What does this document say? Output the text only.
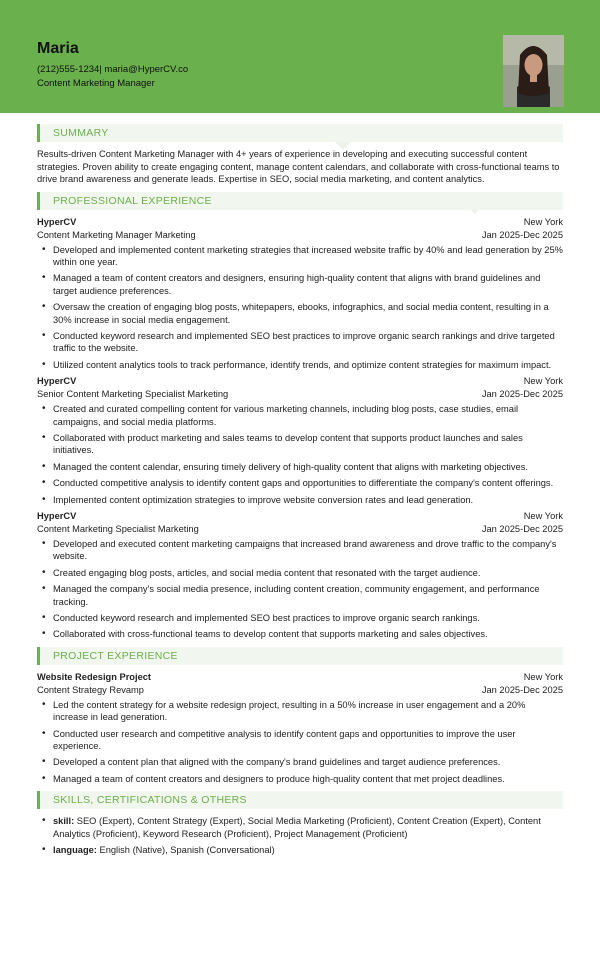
Maria
(212)555-1234| maria@HyperCV.co
Content Marketing Manager
SUMMARY

Results-driven Content Marketing Manager with 4+ years of experience in developing and executing successful content strategies. Proven ability to create engaging content, manage content calendars, and collaborate with cross-functional teams to drive brand awareness and generate leads. Expertise in SEO, social media marketing, and content analytics.

PROFESSIONAL EXPERIENCE
HyperCV	New York
Content Marketing Manager Marketing	Jan 2025-Dec 2025
• Developed and implemented content marketing strategies that increased website traffic by 40% and lead generation by 25% within one year.
• Managed a team of content creators and designers, ensuring high-quality content that aligns with brand guidelines and target audience preferences.
• Oversaw the creation of engaging blog posts, whitepapers, ebooks, infographics, and social media content, resulting in a 30% increase in social media engagement.
• Conducted keyword research and implemented SEO best practices to improve organic search rankings and drive targeted traffic to the website.
• Utilized content analytics tools to track performance, identify trends, and optimize content strategies for maximum impact.
HyperCV	New York
Senior Content Marketing Specialist Marketing	Jan 2025-Dec 2025
• Created and curated compelling content for various marketing channels, including blog posts, case studies, email campaigns, and social media platforms.
• Collaborated with product marketing and sales teams to develop content that supports product launches and sales initiatives.
• Managed the content calendar, ensuring timely delivery of high-quality content that aligns with marketing objectives.
• Conducted competitive analysis to identify content gaps and opportunities to differentiate the company's content offerings.
• Implemented content optimization strategies to improve website conversion rates and lead generation.
HyperCV	New York
Content Marketing Specialist Marketing	Jan 2025-Dec 2025
• Developed and executed content marketing campaigns that increased brand awareness and drove traffic to the company's website.
• Created engaging blog posts, articles, and social media content that resonated with the target audience.
• Managed the company's social media presence, including content creation, community engagement, and performance tracking.
• Conducted keyword research and implemented SEO best practices to improve organic search rankings.
• Collaborated with cross-functional teams to develop content that supports marketing and sales objectives.
PROJECT EXPERIENCE
Website Redesign Project	New York
Content Strategy Revamp	Jan 2025-Dec 2025
• Led the content strategy for a website redesign project, resulting in a 50% increase in user engagement and a 20% increase in lead generation.
• Conducted user research and competitive analysis to identify content gaps and opportunities to improve the user experience.
• Developed a content plan that aligned with the company's brand guidelines and target audience preferences.
• Managed a team of content creators and designers to produce high-quality content that met project deadlines.
SKILLS, CERTIFICATIONS & OTHERS
• skill: SEO (Expert), Content Strategy (Expert), Social Media Marketing (Proficient), Content Creation (Expert), Content Analytics (Proficient), Keyword Research (Proficient), Project Management (Proficient)
• language: English (Native), Spanish (Conversational)
